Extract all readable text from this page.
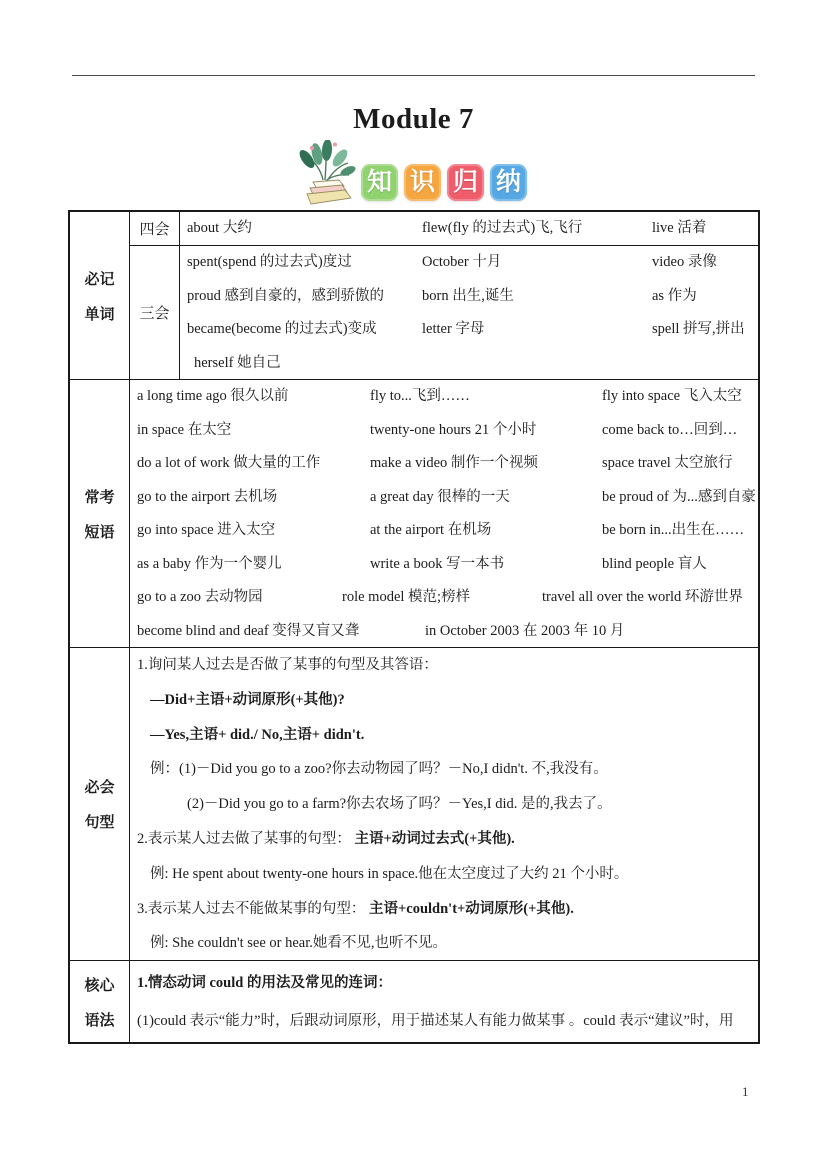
Module 7
知 识 归 纳
必记
单词
四会	about 大约	flew(fly 的过去式)飞,飞行	live 活着
三会
spent(spend 的过去式)度过	October 十月	video 录像
proud 感到自豪的，感到骄傲的	born 出生,诞生	as 作为
became(become 的过去式)变成	letter 字母	spell 拼写,拼出
herself 她自己
常考
短语
a long time ago 很久以前	fly to...飞到……	fly into space 飞入太空
in space 在太空	twenty-one hours 21 个小时	come back to…回到…
do a lot of work 做大量的工作	make a video 制作一个视频	space travel 太空旅行
go to the airport 去机场	a great day 很棒的一天	be proud of 为...感到自豪
go into space 进入太空	at the airport 在机场	be born in...出生在……
as a baby 作为一个婴儿	write a book 写一本书	blind people 盲人
go to a zoo 去动物园	role model 模范;榜样	travel all over the world 环游世界
become blind and deaf 变得又盲又聋	in October 2003 在 2003 年 10 月
必会
句型
1.询问某人过去是否做了某事的句型及其答语：
—Did+主语+动词原形(+其他)?
—Yes,主语+ did./ No,主语+ didn't.
例：(1)－Did you go to a zoo?你去动物园了吗？－No,I didn't. 不,我没有。
(2)－Did you go to a farm?你去农场了吗？－Yes,I did. 是的,我去了。
2.表示某人过去做了某事的句型： 主语+动词过去式(+其他).
例: He spent about twenty-one hours in space.他在太空度过了大约 21 个小时。
3.表示某人过去不能做某事的句型： 主语+couldn't+动词原形(+其他).
例: She couldn't see or hear.她看不见,也听不见。
核心
语法
1.情态动词 could 的用法及常见的连词：
(1)could 表示“能力”时，后跟动词原形，用于描述某人有能力做某事 。could 表示“建议”时，用
1
